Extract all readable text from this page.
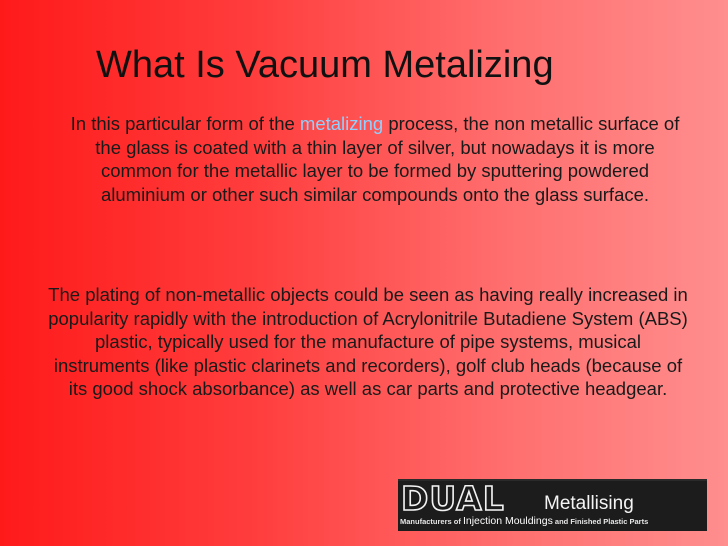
What Is Vacuum Metalizing

In this particular form of the metalizing process, the non metallic surface of the glass is coated with a thin layer of silver, but nowadays it is more common for the metallic layer to be formed by sputtering powdered aluminium or other such similar compounds onto the glass surface.

The plating of non-metallic objects could be seen as having really increased in popularity rapidly with the introduction of Acrylonitrile Butadiene System (ABS) plastic, typically used for the manufacture of pipe systems, musical instruments (like plastic clarinets and recorders), golf club heads (because of its good shock absorbance) as well as car parts and protective headgear.

DUAL Metallising
Manufacturers of Injection Mouldings and Finished Plastic Parts
